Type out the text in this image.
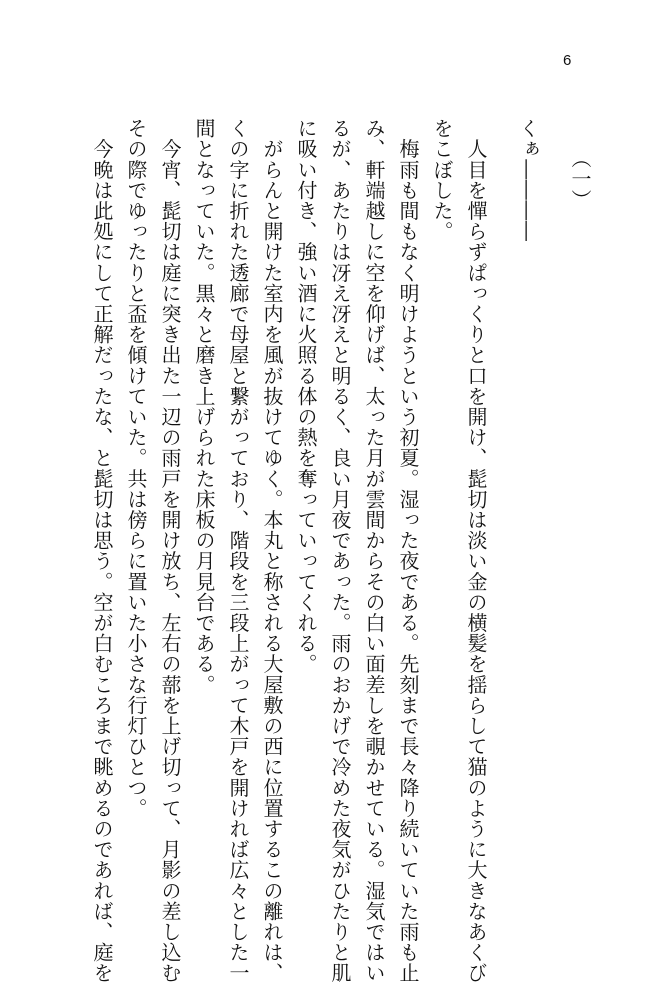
6
（一）
くぁ――――
　人目を憚らずぱっくりと口を開け、髭切は淡い金の横髪を揺らして猫のように大きなあくび
をこぼした。
　梅雨も間もなく明けようという初夏。湿った夜である。先刻まで長々降り続いていた雨も止
み、軒端越しに空を仰げば、太った月が雲間からその白い面差しを覗かせている。湿気ではい
るが、あたりは冴え冴えと明るく、良い月夜であった。雨のおかげで冷めた夜気がひたりと肌
に吸い付き、強い酒に火照る体の熱を奪っていってくれる。
　がらんと開けた室内を風が抜けてゆく。本丸と称される大屋敷の西に位置するこの離れは、
くの字に折れた透廊で母屋と繋がっており、階段を三段上がって木戸を開ければ広々とした一
間となっていた。黒々と磨き上げられた床板の月見台である。
　今宵、髭切は庭に突き出た一辺の雨戸を開け放ち、左右の蔀を上げ切って、月影の差し込む
その際でゆったりと盃を傾けていた。共は傍らに置いた小さな行灯ひとつ。
　今晩は此処にして正解だったな、と髭切は思う。空が白むころまで眺めるのであれば、庭を
